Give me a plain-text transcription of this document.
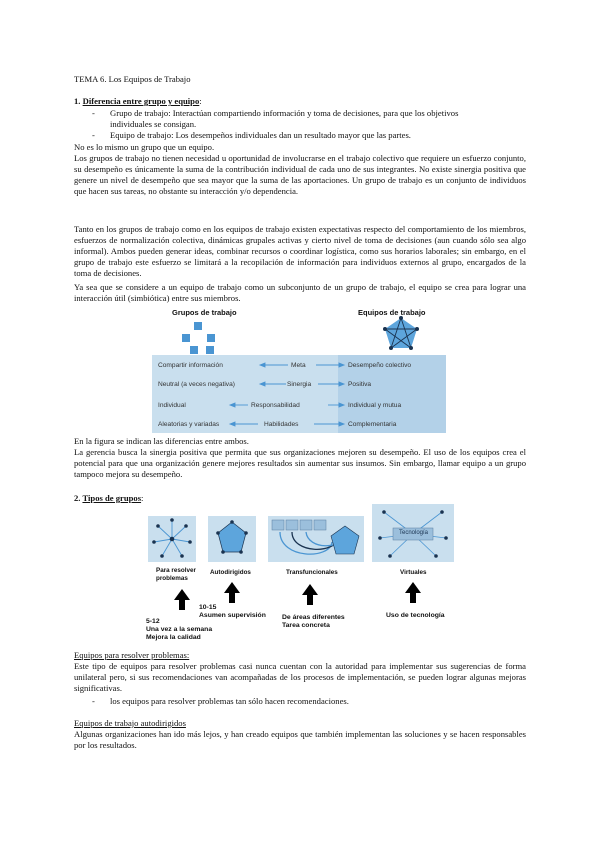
TEMA 6. Los Equipos de Trabajo
1. Diferencia entre grupo y equipo:
- Grupo de trabajo: Interactúan compartiendo información y toma de decisiones, para que los objetivos
individuales se consigan.
- Equipo de trabajo: Los desempeños individuales dan un resultado mayor que las partes.
No es lo mismo un grupo que un equipo.
Los grupos de trabajo no tienen necesidad u oportunidad de involucrarse en el trabajo colectivo que requiere un esfuerzo conjunto, su desempeño es únicamente la suma de la contribución individual de cada uno de sus integrantes. No existe sinergia positiva que genere un nivel de desempeño que sea mayor que la suma de las aportaciones. Un grupo de trabajo es un conjunto de individuos que hacen sus tareas, no obstante su interacción y/o dependencia.
Tanto en los grupos de trabajo como en los equipos de trabajo existen expectativas respecto del comportamiento de los miembros, esfuerzos de normalización colectiva, dinámicas grupales activas y cierto nivel de toma de decisiones (aun cuando sólo sea algo informal). Ambos pueden generar ideas, combinar recursos o coordinar logística, como sus horarios laborales; sin embargo, en el grupo de trabajo este esfuerzo se limitará a la recopilación de información para individuos externos al grupo, encargados de la toma de decisiones.
Ya sea que se considere a un equipo de trabajo como un subconjunto de un grupo de trabajo, el equipo se crea para lograr una interacción útil (simbiótica) entre sus miembros.
Grupos de trabajo	Equipos de trabajo
Compartir información	Meta	Desempeño colectivo
Neutral (a veces negativa)	Sinergia	Positiva
Individual	Responsabilidad	Individual y mutua
Aleatorias y variadas	Habilidades	Complementaria
En la figura se indican las diferencias entre ambos.
La gerencia busca la sinergia positiva que permita que sus organizaciones mejoren su desempeño. El uso de los equipos crea el potencial para que una organización genere mejores resultados sin aumentar sus insumos. Sin embargo, llamar equipo a un grupo tampoco mejora su desempeño.
2. Tipos de grupos:
Tecnología
Para resolver
problemas
Autodirigidos	Transfuncionales	Virtuales
10-15
Asumen supervisión
5-12
Una vez a la semana
Mejora la calidad
De áreas diferentes
Tarea concreta
Uso de tecnología
Equipos para resolver problemas:
Este tipo de equipos para resolver problemas casi nunca cuentan con la autoridad para implementar sus sugerencias de forma unilateral pero, si sus recomendaciones van acompañadas de los procesos de implementación, se pueden lograr algunas mejoras significativas.
- los equipos para resolver problemas tan sólo hacen recomendaciones.
Equipos de trabajo autodirigidos
Algunas organizaciones han ido más lejos, y han creado equipos que también implementan las soluciones y se hacen responsables por los resultados.
